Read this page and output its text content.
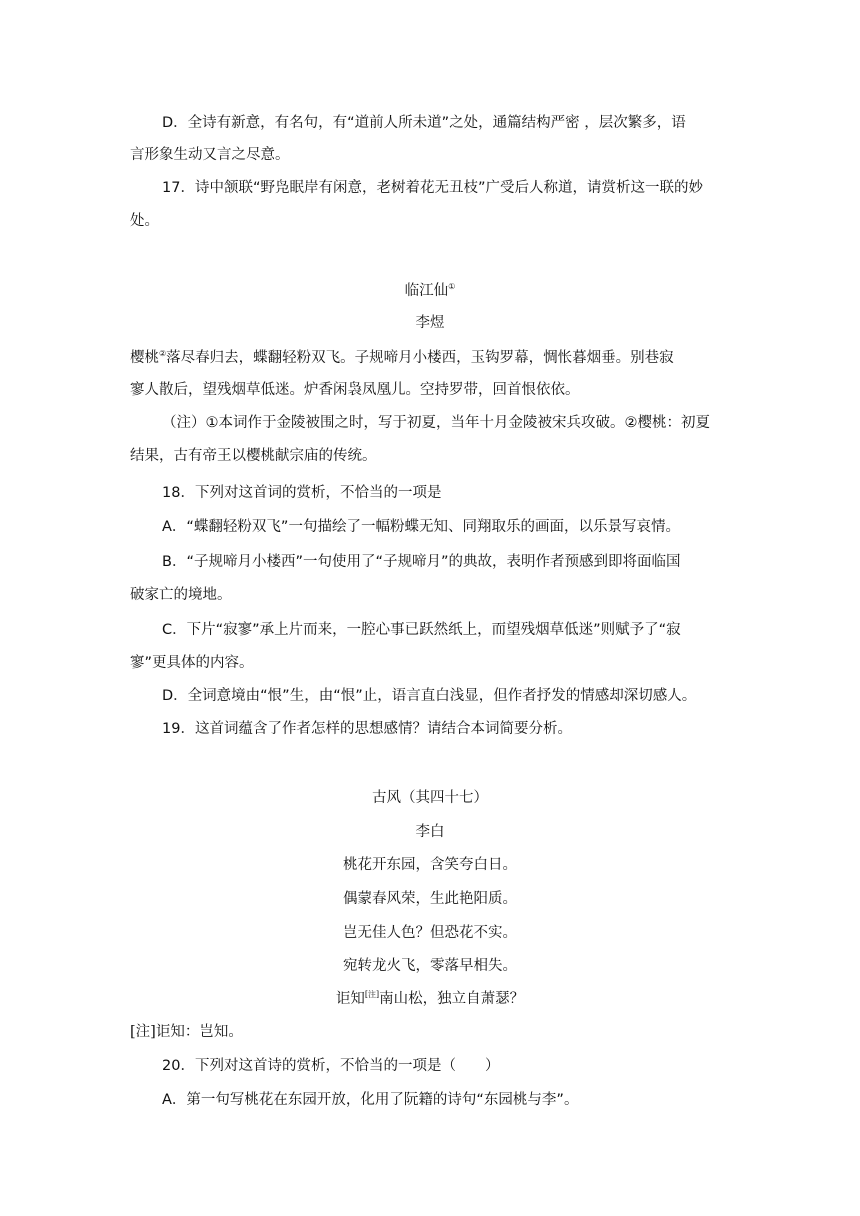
D．全诗有新意，有名句，有“道前人所未道”之处，通篇结构严密 ，层次繁多，语
言形象生动又言之尽意。
17．诗中颔联“野凫眠岸有闲意，老树着花无丑枝”广受后人称道，请赏析这一联的妙
处。
临江仙①
李煜
樱桃②落尽春归去，蝶翻轻粉双飞。子规啼月小楼西，玉钩罗幕，惆怅暮烟垂。别巷寂
寥人散后，望残烟草低迷。炉香闲袅凤凰儿。空持罗带，回首恨依依。
（注）①本词作于金陵被围之时，写于初夏，当年十月金陵被宋兵攻破。②樱桃：初夏
结果，古有帝王以樱桃献宗庙的传统。
18．下列对这首词的赏析，不恰当的一项是
A．“蝶翻轻粉双飞”一句描绘了一幅粉蝶无知、同翔取乐的画面，以乐景写哀情。
B．“子规啼月小楼西”一句使用了“子规啼月”的典故，表明作者预感到即将面临国
破家亡的境地。
C．下片“寂寥”承上片而来，一腔心事已跃然纸上，而望残烟草低迷”则赋予了“寂
寥”更具体的内容。
D．全词意境由“恨”生，由“恨”止，语言直白浅显，但作者抒发的情感却深切感人。
19．这首词蕴含了作者怎样的思想感情？请结合本词简要分析。
古风（其四十七）
李白
桃花开东园，含笑夸白日。
偶蒙春风荣，生此艳阳质。
岂无佳人色？但恐花不实。
宛转龙火飞，零落早相失。
讵知[注]南山松，独立自萧瑟？
[注]讵知：岂知。
20．下列对这首诗的赏析，不恰当的一项是（　　）
A．第一句写桃花在东园开放，化用了阮籍的诗句“东园桃与李”。
